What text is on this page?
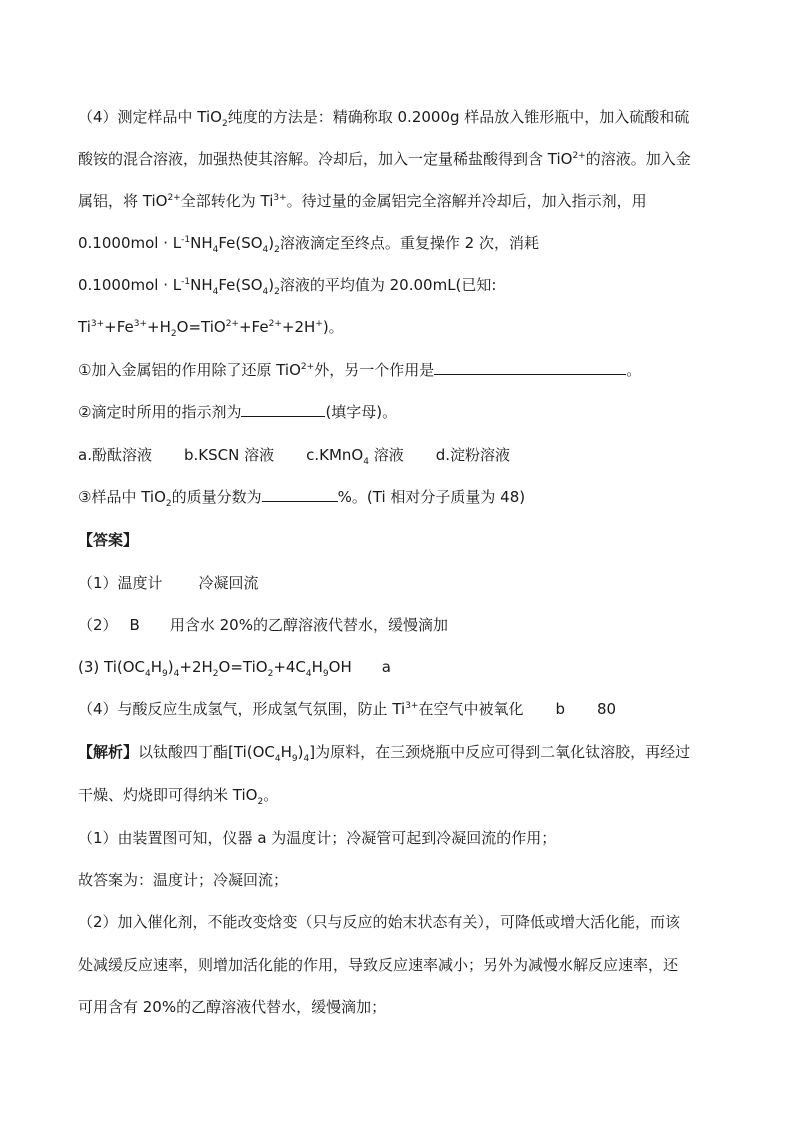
（4）测定样品中 TiO$_2$纯度的方法是：精确称取 0.2000g 样品放入锥形瓶中，加入硫酸和硫
酸铵的混合溶液，加强热使其溶解。冷却后，加入一定量稀盐酸得到含 TiO$^{2+}$的溶液。加入金
属铝，将 TiO$^{2+}$全部转化为 $Ti^{3+}$。待过量的金属铝完全溶解并冷却后，加入指示剂，用
$0.1000mol \cdot L^{-1}NH_4Fe(SO_4)_2$溶液滴定至终点。重复操作 2 次，消耗
$0.1000mol \cdot L^{-1}NH_4Fe(SO_4)_2$溶液的平均值为 20.00mL(已知:
$Ti^{3+}+Fe^{3+}+H_2O=TiO^{2+}+Fe^{2+}+2H^+$)。
①加入金属铝的作用除了还原 TiO$^{2+}$外，另一个作用是	。
②滴定时所用的指示剂为	(填字母)。
a.酚酞溶液 b.KSCN 溶液 c.KMnO$_4$ 溶液 d.淀粉溶液
③样品中 TiO$_2$的质量分数为	%。(Ti 相对分子质量为 48)
【答案】
（1）温度计 冷凝回流
（2） B 用含水 20%的乙醇溶液代替水，缓慢滴加
(3) $Ti(OC_4H_9)_4+2H_2O=TiO_2+4C_4H_9OH$ a
（4）与酸反应生成氢气，形成氢气氛围，防止 $Ti^{3+}$在空气中被氧化 b 80
【解析】以钛酸四丁酯$[Ti(OC_4H_9)_4]$为原料，在三颈烧瓶中反应可得到二氧化钛溶胶，再经过
干燥、灼烧即可得纳米 TiO$_2$。
（1）由装置图可知，仪器 a 为温度计；冷凝管可起到冷凝回流的作用；
故答案为：温度计；冷凝回流；
（2）加入催化剂，不能改变焓变（只与反应的始末状态有关），可降低或增大活化能，而该
处减缓反应速率，则增加活化能的作用，导致反应速率减小；另外为减慢水解反应速率，还
可用含有 20%的乙醇溶液代替水，缓慢滴加；
